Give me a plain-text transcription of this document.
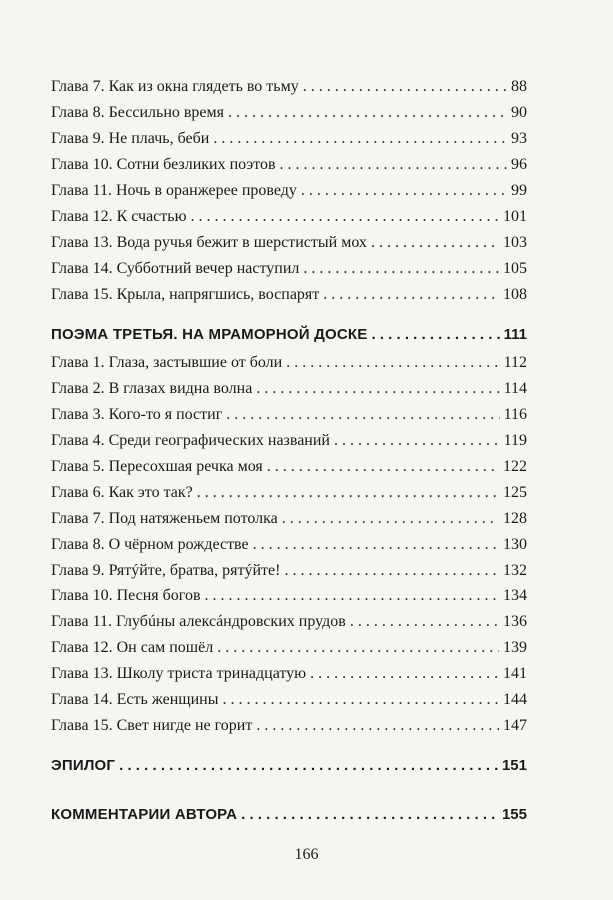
Глава 7. Как из окна глядеть во тьму . . .	88
Глава 8. Бессильно время . . .	90
Глава 9. Не плачь, беби . . .	93
Глава 10. Сотни безликих поэтов . . .	96
Глава 11. Ночь в оранжерее проведу . . .	99
Глава 12. К счастью . . .	101
Глава 13. Вода ручья бежит в шерстистый мох . . .	103
Глава 14. Субботний вечер наступил . . .	105
Глава 15. Крыла, напрягшись, воспарят . . .	108
ПОЭМА ТРЕТЬЯ. НА МРАМОРНОЙ ДОСКЕ . . .	111
Глава 1. Глаза, застывшие от боли . . .	112
Глава 2. В глазах видна волна . . .	114
Глава 3. Кого-то я постиг . . .	116
Глава 4. Среди географических названий . . .	119
Глава 5. Пересохшая речка моя . . .	122
Глава 6. Как это так? . . .	125
Глава 7. Под натяженьем потолка . . .	128
Глава 8. О чёрном рождестве . . .	130
Глава 9. Рятýйте, братва, рятýйте! . . .	132
Глава 10. Песня богов . . .	134
Глава 11. Глубúны алексáндровских прудов . . .	136
Глава 12. Он сам пошёл . . .	139
Глава 13. Школу триста тринадцатую . . .	141
Глава 14. Есть женщины . . .	144
Глава 15. Свет нигде не горит . . .	147
ЭПИЛОГ . . .	151
КОММЕНТАРИИ АВТОРА . . .	155
166
